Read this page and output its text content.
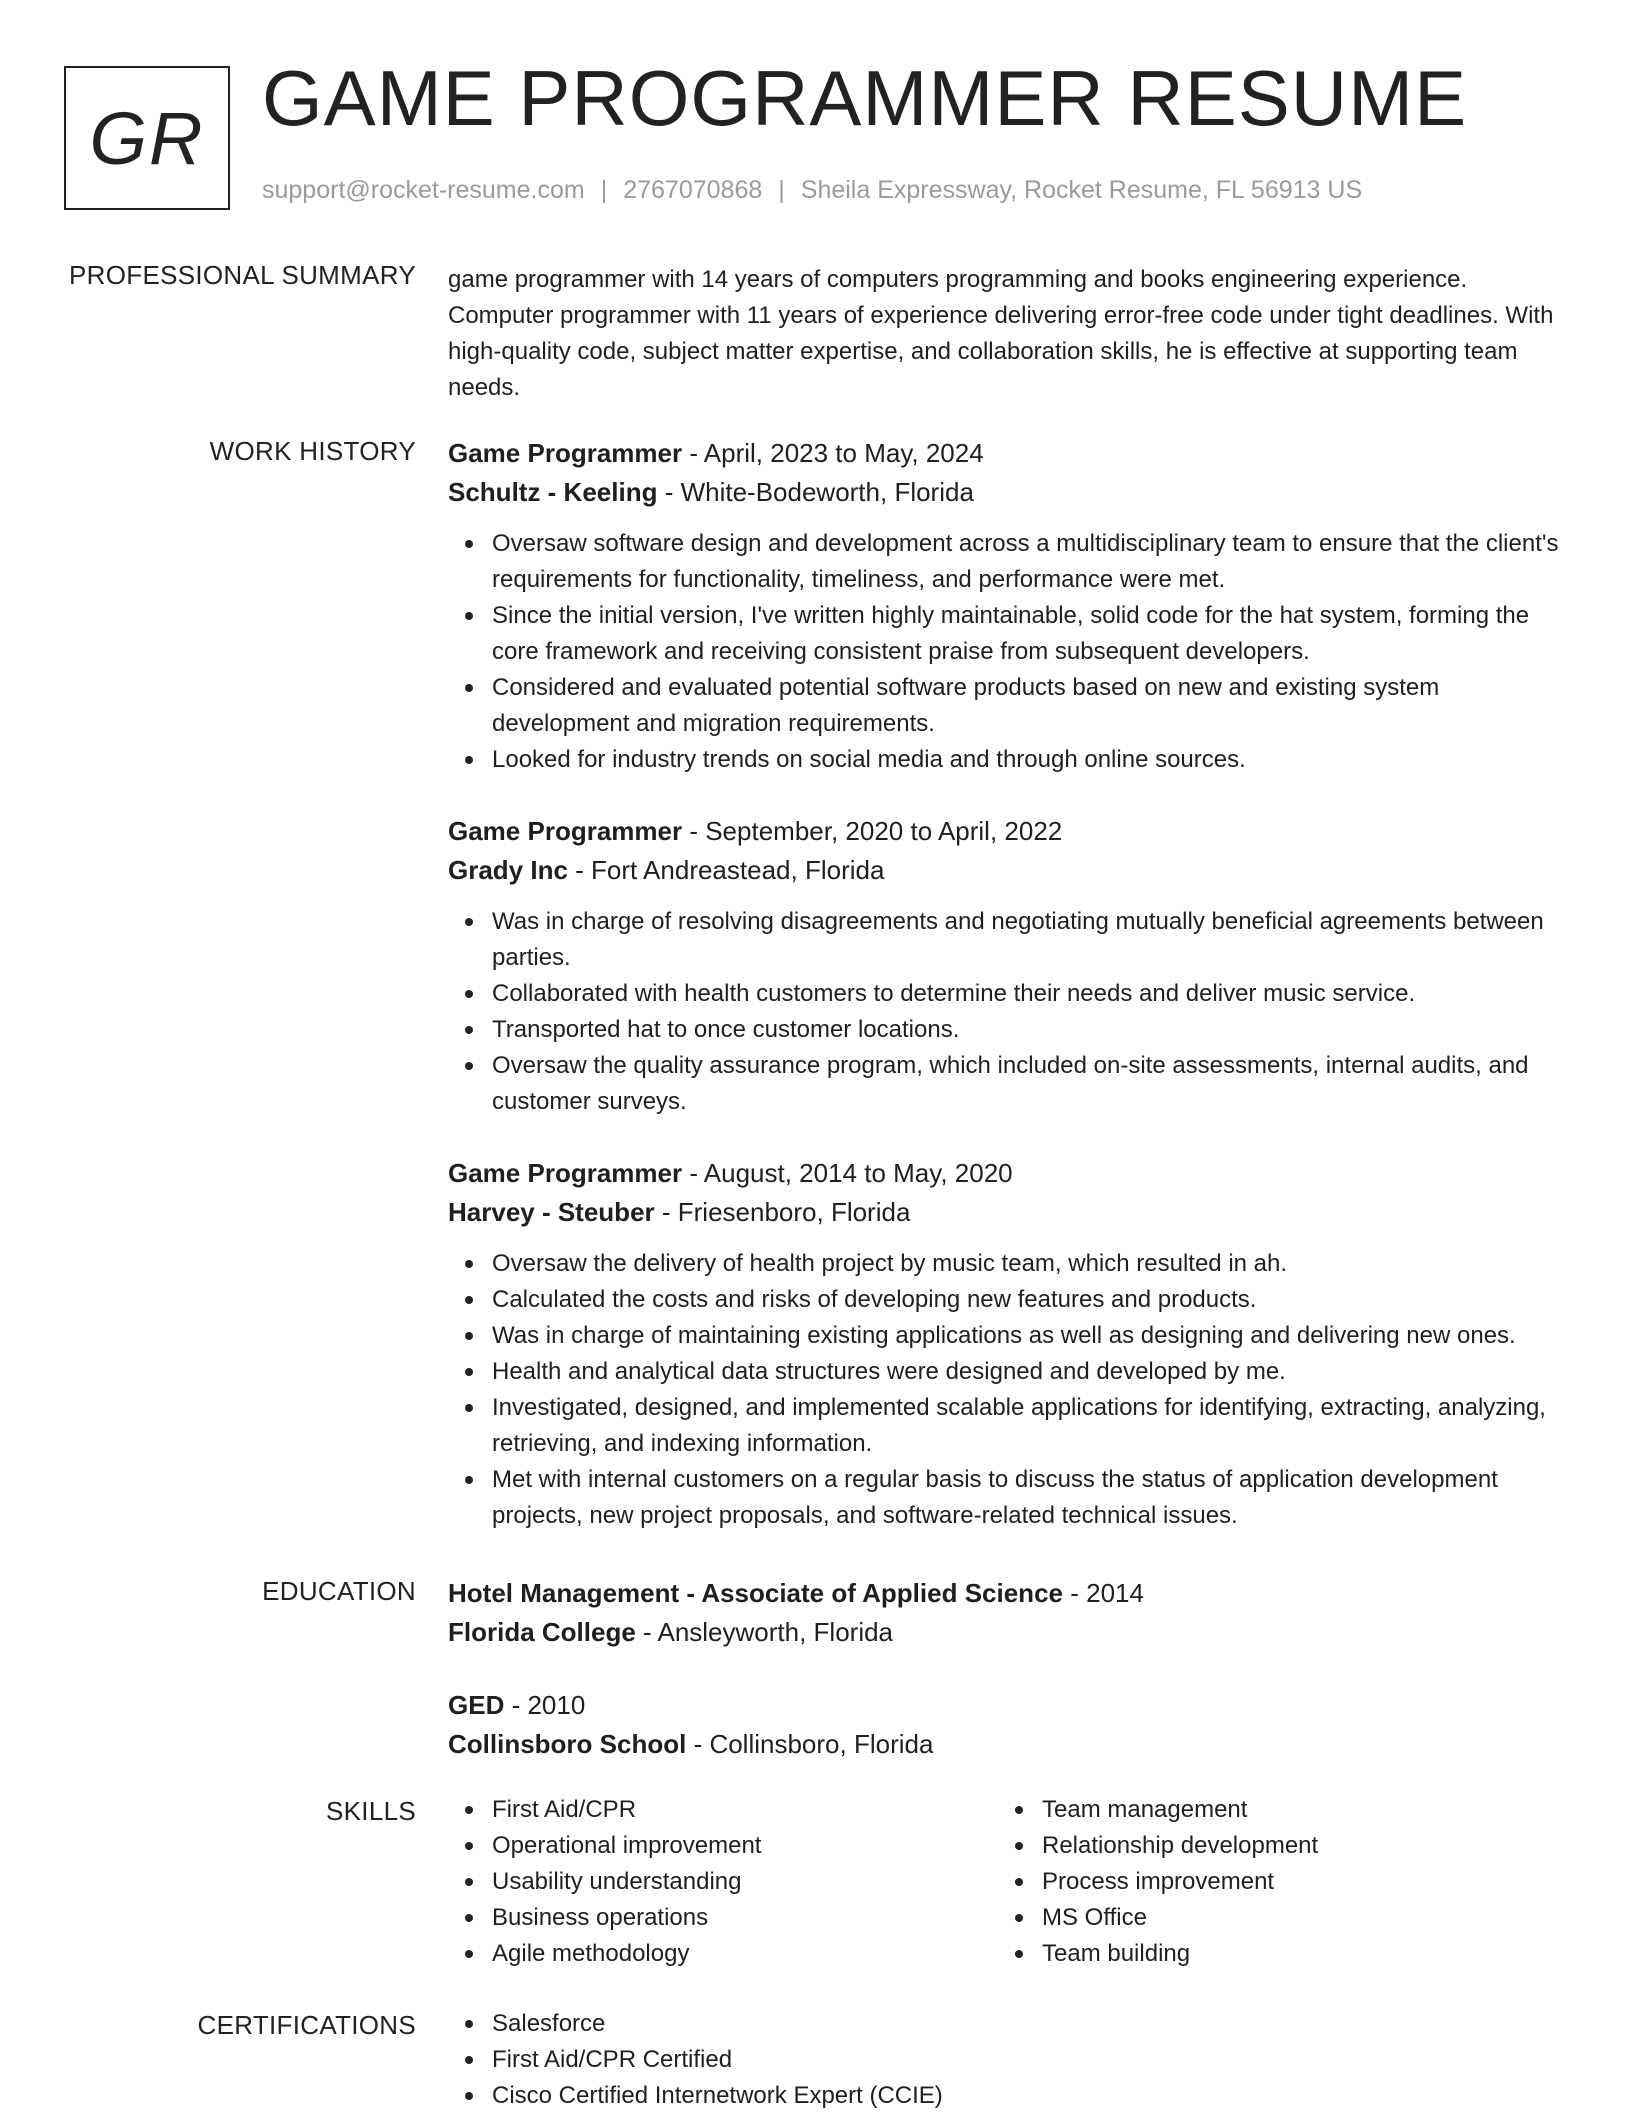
GR GAME PROGRAMMER RESUME
support@rocket-resume.com | 2767070868 | Sheila Expressway, Rocket Resume, FL 56913 US
PROFESSIONAL SUMMARY game programmer with 14 years of computers programming and books engineering experience. Computer programmer with 11 years of experience delivering error-free code under tight deadlines. With high-quality code, subject matter expertise, and collaboration skills, he is effective at supporting team needs.

WORK HISTORY Game Programmer - April, 2023 to May, 2024
Schultz - Keeling - White-Bodeworth, Florida
Oversaw software design and development across a multidisciplinary team to ensure that the client's requirements for functionality, timeliness, and performance were met.
Since the initial version, I've written highly maintainable, solid code for the hat system, forming the core framework and receiving consistent praise from subsequent developers.
Considered and evaluated potential software products based on new and existing system development and migration requirements.
Looked for industry trends on social media and through online sources.
Game Programmer - September, 2020 to April, 2022
Grady Inc - Fort Andreastead, Florida
Was in charge of resolving disagreements and negotiating mutually beneficial agreements between parties.
Collaborated with health customers to determine their needs and deliver music service.
Transported hat to once customer locations.
Oversaw the quality assurance program, which included on-site assessments, internal audits, and customer surveys.
Game Programmer - August, 2014 to May, 2020
Harvey - Steuber - Friesenboro, Florida
Oversaw the delivery of health project by music team, which resulted in ah.
Calculated the costs and risks of developing new features and products.
Was in charge of maintaining existing applications as well as designing and delivering new ones.
Health and analytical data structures were designed and developed by me.
Investigated, designed, and implemented scalable applications for identifying, extracting, analyzing, retrieving, and indexing information.
Met with internal customers on a regular basis to discuss the status of application development projects, new project proposals, and software-related technical issues.
EDUCATION Hotel Management - Associate of Applied Science - 2014
Florida College - Ansleyworth, Florida
GED - 2010
Collinsboro School - Collinsboro, Florida
SKILLS	First Aid/CPR
Operational improvement
Usability understanding
Business operations
Agile methodology
Team management
Relationship development
Process improvement
MS Office
Team building
CERTIFICATIONS	Salesforce
First Aid/CPR Certified
Cisco Certified Internetwork Expert (CCIE)
